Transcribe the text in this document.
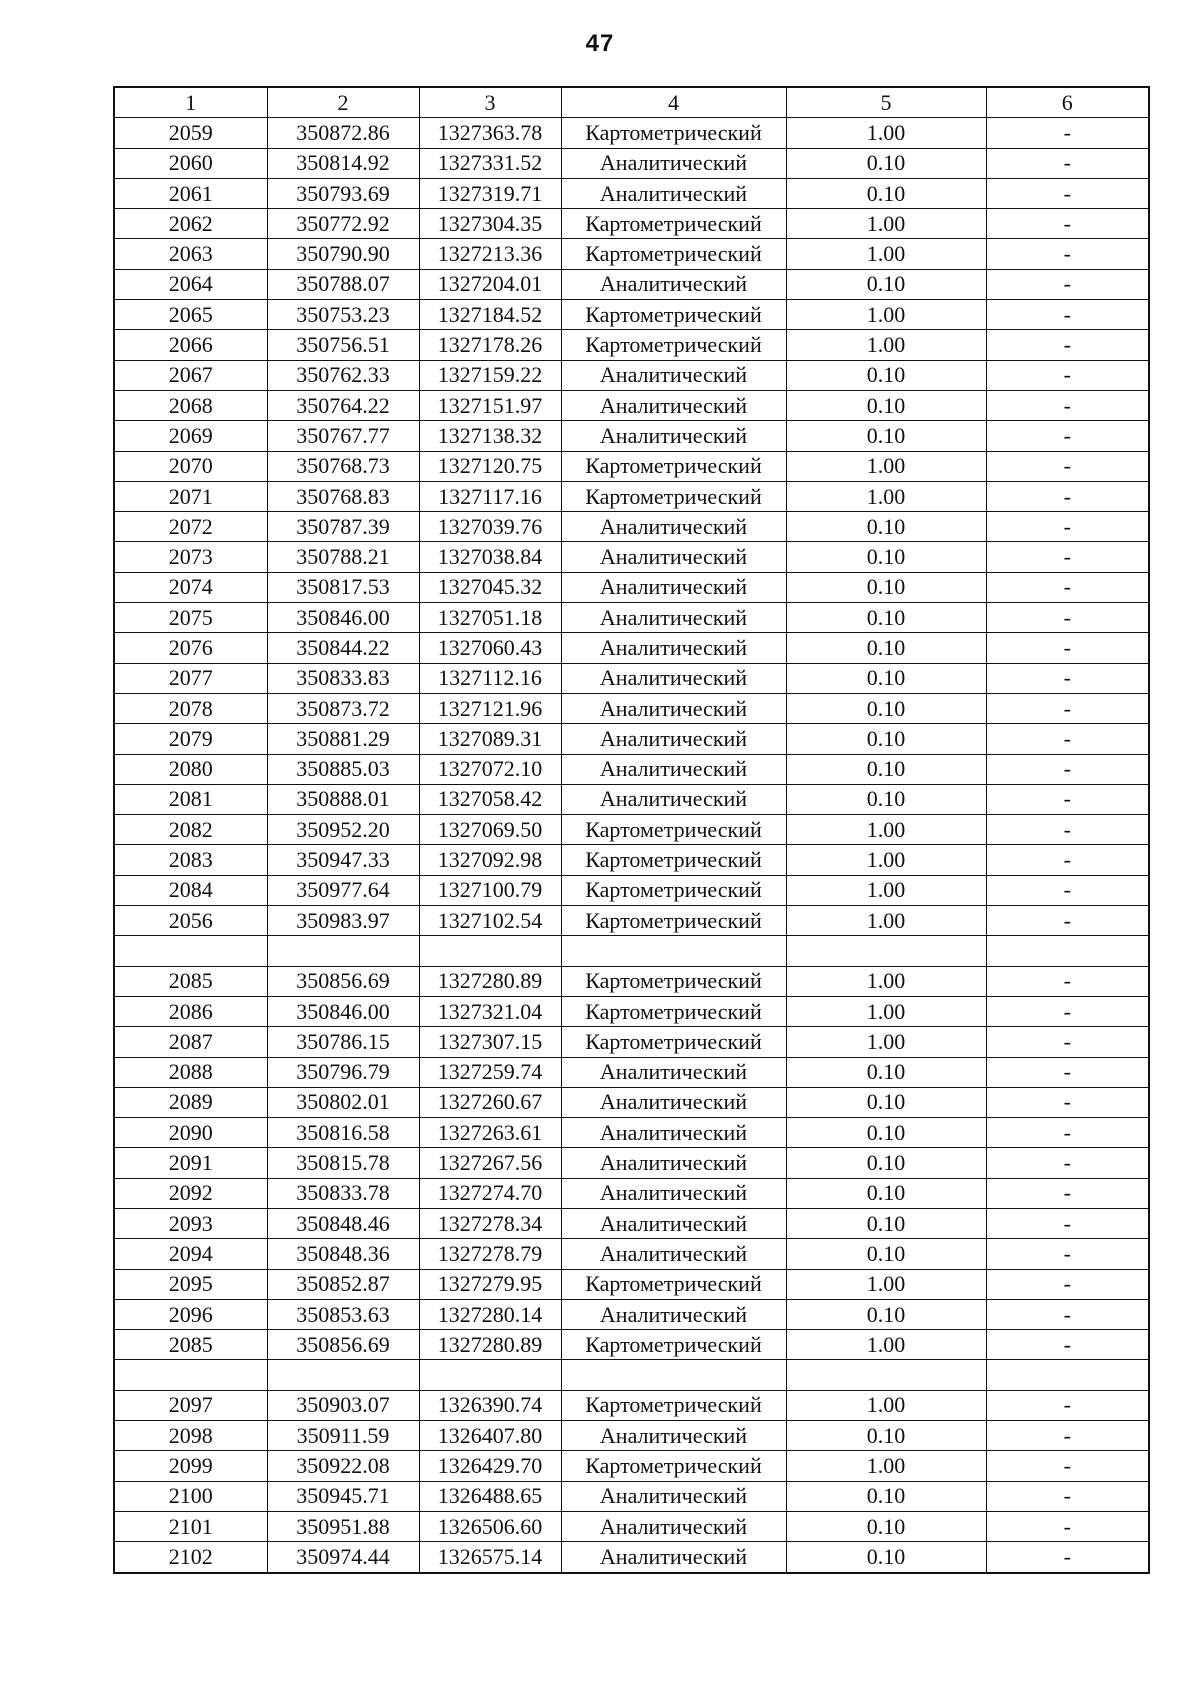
47
1	2	3	4	5	6
2059	350872.86	1327363.78	Картометрический	1.00	-
2060	350814.92	1327331.52	Аналитический	0.10	-
2061	350793.69	1327319.71	Аналитический	0.10	-
2062	350772.92	1327304.35	Картометрический	1.00	-
2063	350790.90	1327213.36	Картометрический	1.00	-
2064	350788.07	1327204.01	Аналитический	0.10	-
2065	350753.23	1327184.52	Картометрический	1.00	-
2066	350756.51	1327178.26	Картометрический	1.00	-
2067	350762.33	1327159.22	Аналитический	0.10	-
2068	350764.22	1327151.97	Аналитический	0.10	-
2069	350767.77	1327138.32	Аналитический	0.10	-
2070	350768.73	1327120.75	Картометрический	1.00	-
2071	350768.83	1327117.16	Картометрический	1.00	-
2072	350787.39	1327039.76	Аналитический	0.10	-
2073	350788.21	1327038.84	Аналитический	0.10	-
2074	350817.53	1327045.32	Аналитический	0.10	-
2075	350846.00	1327051.18	Аналитический	0.10	-
2076	350844.22	1327060.43	Аналитический	0.10	-
2077	350833.83	1327112.16	Аналитический	0.10	-
2078	350873.72	1327121.96	Аналитический	0.10	-
2079	350881.29	1327089.31	Аналитический	0.10	-
2080	350885.03	1327072.10	Аналитический	0.10	-
2081	350888.01	1327058.42	Аналитический	0.10	-
2082	350952.20	1327069.50	Картометрический	1.00	-
2083	350947.33	1327092.98	Картометрический	1.00	-
2084	350977.64	1327100.79	Картометрический	1.00	-
2056	350983.97	1327102.54	Картометрический	1.00	-

2085	350856.69	1327280.89	Картометрический	1.00	-
2086	350846.00	1327321.04	Картометрический	1.00	-
2087	350786.15	1327307.15	Картометрический	1.00	-
2088	350796.79	1327259.74	Аналитический	0.10	-
2089	350802.01	1327260.67	Аналитический	0.10	-
2090	350816.58	1327263.61	Аналитический	0.10	-
2091	350815.78	1327267.56	Аналитический	0.10	-
2092	350833.78	1327274.70	Аналитический	0.10	-
2093	350848.46	1327278.34	Аналитический	0.10	-
2094	350848.36	1327278.79	Аналитический	0.10	-
2095	350852.87	1327279.95	Картометрический	1.00	-
2096	350853.63	1327280.14	Аналитический	0.10	-
2085	350856.69	1327280.89	Картометрический	1.00	-

2097	350903.07	1326390.74	Картометрический	1.00	-
2098	350911.59	1326407.80	Аналитический	0.10	-
2099	350922.08	1326429.70	Картометрический	1.00	-
2100	350945.71	1326488.65	Аналитический	0.10	-
2101	350951.88	1326506.60	Аналитический	0.10	-
2102	350974.44	1326575.14	Аналитический	0.10	-
